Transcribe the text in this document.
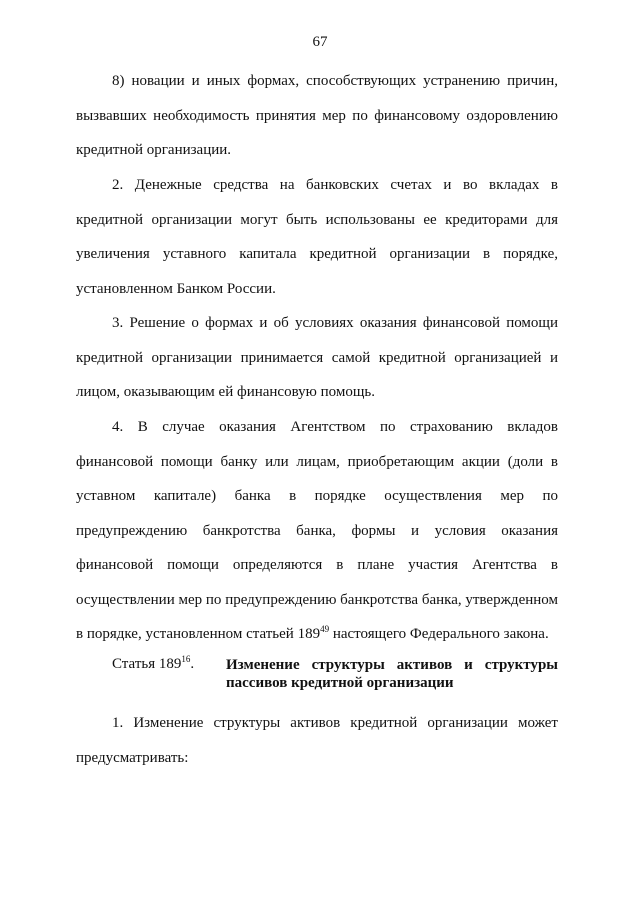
67

8) новации и иных формах, способствующих устранению причин, вызвавших необходимость принятия мер по финансовому оздоровлению кредитной организации.

2. Денежные средства на банковских счетах и во вкладах в кредитной организации могут быть использованы ее кредиторами для увеличения уставного капитала кредитной организации в порядке, установленном Банком России.

3. Решение о формах и об условиях оказания финансовой помощи кредитной организации принимается самой кредитной организацией и лицом, оказывающим ей финансовую помощь.

4. В случае оказания Агентством по страхованию вкладов финансовой помощи банку или лицам, приобретающим акции (доли в уставном капитале) банка в порядке осуществления мер по предупреждению банкротства банка, формы и условия оказания финансовой помощи определяются в плане участия Агентства в осуществлении мер по предупреждению банкротства банка, утвержденном в порядке, установленном статьей $189^{49}$ настоящего Федерального закона.

Статья $189^{16}$. Изменение структуры активов и структуры пассивов кредитной организации

1. Изменение структуры активов кредитной организации может предусматривать:
